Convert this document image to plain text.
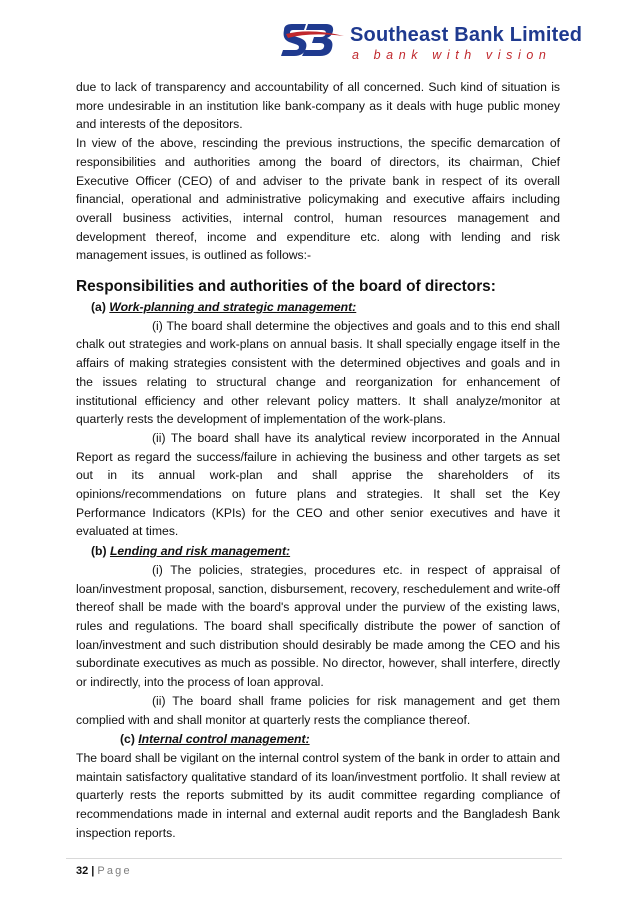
Southeast Bank Limited
a bank with vision

due to lack of transparency and accountability of all concerned. Such kind of situation is more undesirable in an institution like bank-company as it deals with huge public money and interests of the depositors.

In view of the above, rescinding the previous instructions, the specific demarcation of responsibilities and authorities among the board of directors, its chairman, Chief Executive Officer (CEO) of and adviser to the private bank in respect of its overall financial, operational and administrative policymaking and executive affairs including overall business activities, internal control, human resources management and development thereof, income and expenditure etc. along with lending and risk management issues, is outlined as follows:-

Responsibilities and authorities of the board of directors:

(a) Work-planning and strategic management:

(i) The board shall determine the objectives and goals and to this end shall chalk out strategies and work-plans on annual basis. It shall specially engage itself in the affairs of making strategies consistent with the determined objectives and goals and in the issues relating to structural change and reorganization for enhancement of institutional efficiency and other relevant policy matters. It shall analyze/monitor at quarterly rests the development of implementation of the work-plans.

(ii) The board shall have its analytical review incorporated in the Annual Report as regard the success/failure in achieving the business and other targets as set out in its annual work-plan and shall apprise the shareholders of its opinions/recommendations on future plans and strategies. It shall set the Key Performance Indicators (KPIs) for the CEO and other senior executives and have it evaluated at times.

(b) Lending and risk management:

(i) The policies, strategies, procedures etc. in respect of appraisal of loan/investment proposal, sanction, disbursement, recovery, reschedulement and write-off thereof shall be made with the board's approval under the purview of the existing laws, rules and regulations. The board shall specifically distribute the power of sanction of loan/investment and such distribution should desirably be made among the CEO and his subordinate executives as much as possible. No director, however, shall interfere, directly or indirectly, into the process of loan approval.

(ii) The board shall frame policies for risk management and get them complied with and shall monitor at quarterly rests the compliance thereof.

(c) Internal control management:

The board shall be vigilant on the internal control system of the bank in order to attain and maintain satisfactory qualitative standard of its loan/investment portfolio. It shall review at quarterly rests the reports submitted by its audit committee regarding compliance of recommendations made in internal and external audit reports and the Bangladesh Bank inspection reports.

32 | Page
